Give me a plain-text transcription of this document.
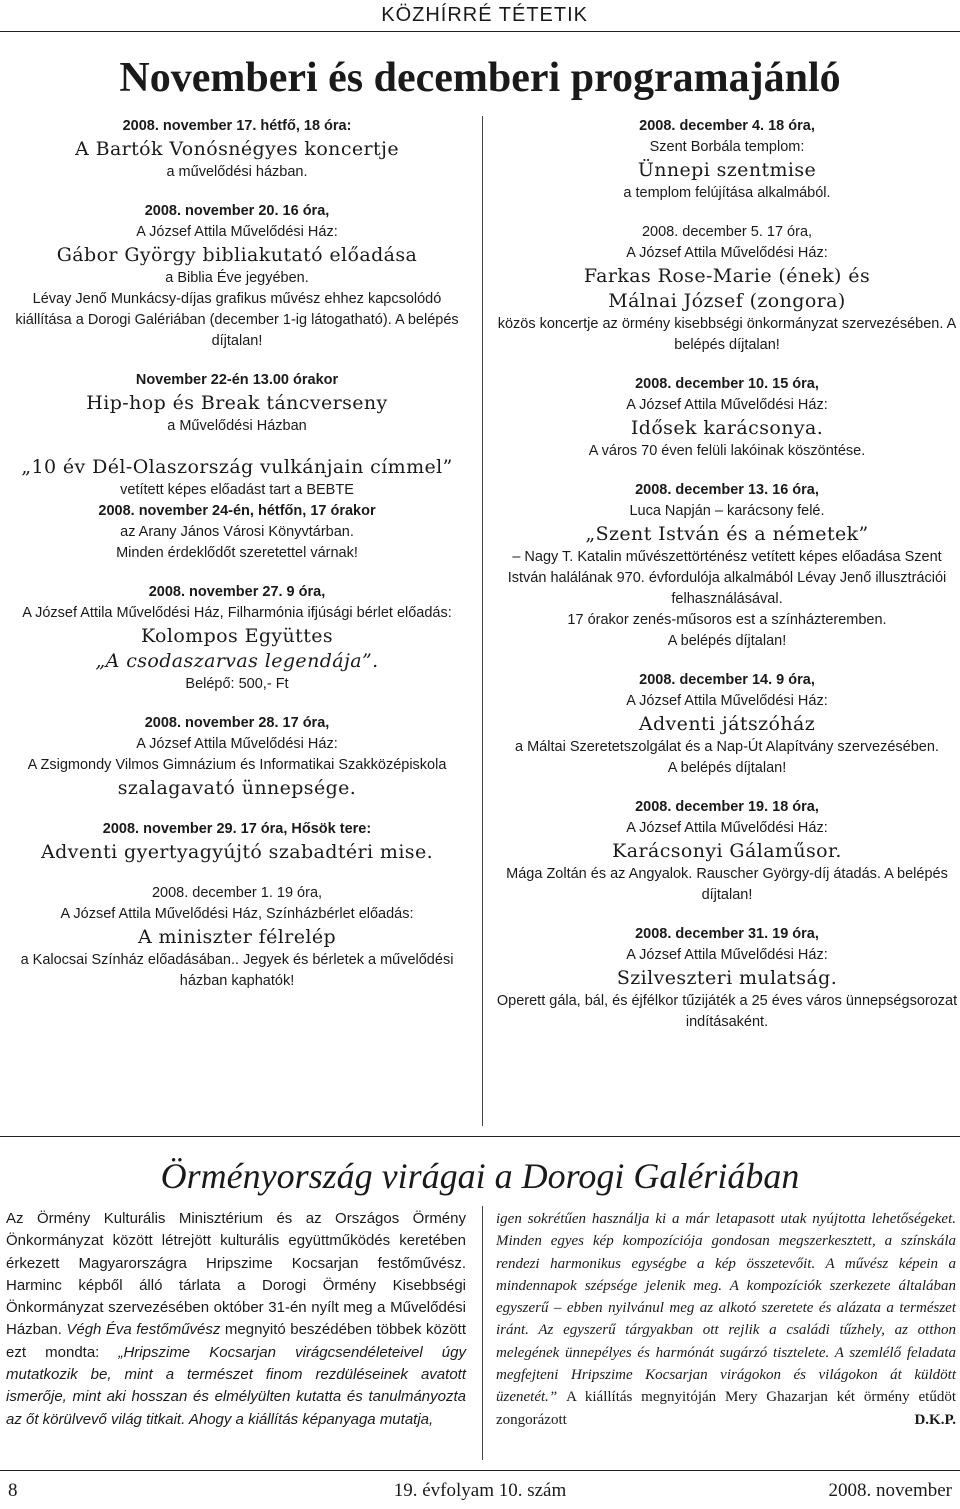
KÖZHÍRRÉ TÉTETIK
Novemberi és decemberi programajánló
2008. november 17. hétfő, 18 óra:
A Bartók Vonósnégyes koncertje
a művelődési házban.
2008. november 20. 16 óra,
A József Attila Művelődési Ház:
Gábor György bibliakutató előadása
a Biblia Éve jegyében.
Lévay Jenő Munkácsy-díjas grafikus művész ehhez kapcsolódó kiállítása a Dorogi Galériában (december 1-ig látogatható). A belépés díjtalan!
November 22-én 13.00 órakor
Hip-hop és Break táncverseny
a Művelődési Házban
„10 év Dél-Olaszország vulkánjain címmel”
vetített képes előadást tart a BEBTE
2008. november 24-én, hétfőn, 17 órakor
az Arany János Városi Könyvtárban.
Minden érdeklődőt szeretettel várnak!
2008. november 27. 9 óra,
A József Attila Művelődési Ház, Filharmónia ifjúsági bérlet előadás:
Kolompos Együttes
„A csodaszarvas legendája”.
Belépő: 500,- Ft
2008. november 28. 17 óra,
A József Attila Művelődési Ház:
A Zsigmondy Vilmos Gimnázium és Informatikai Szakközépiskola
szalagavató ünnepsége.
2008. november 29. 17 óra, Hősök tere:
Adventi gyertyagyújtó szabadtéri mise.
2008. december 1. 19 óra,
A József Attila Művelődési Ház, Színházbérlet előadás:
A miniszter félrelép
a Kalocsai Színház előadásában.. Jegyek és bérletek a művelődési házban kaphatók!
2008. december 4. 18 óra,
Szent Borbála templom:
Ünnepi szentmise
a templom felújítása alkalmából.
2008. december 5. 17 óra,
A József Attila Művelődési Ház:
Farkas Rose-Marie (ének) és
Málnai József (zongora)
közös koncertje az örmény kisebbségi önkormányzat szervezésében. A belépés díjtalan!
2008. december 10. 15 óra,
A József Attila Művelődési Ház:
Idősek karácsonya.
A város 70 éven felüli lakóinak köszöntése.
2008. december 13. 16 óra,
Luca Napján – karácsony felé.
„Szent István és a németek”
– Nagy T. Katalin művészettörténész vetített képes előadása Szent István halálának 970. évfordulója alkalmából Lévay Jenő illusztrációi felhasználásával.
17 órakor zenés-műsoros est a színházteremben.
A belépés díjtalan!
2008. december 14. 9 óra,
A József Attila Művelődési Ház:
Adventi játszóház
a Máltai Szeretetszolgálat és a Nap-Út Alapítvány szervezésében.
A belépés díjtalan!
2008. december 19. 18 óra,
A József Attila Művelődési Ház:
Karácsonyi Gálaműsor.
Mága Zoltán és az Angyalok. Rauscher György-díj átadás. A belépés díjtalan!
2008. december 31. 19 óra,
A József Attila Művelődési Ház:
Szilveszteri mulatság.
Operett gála, bál, és éjfélkor tűzijáték a 25 éves város ünnepségsorozat indításaként.
Örményország virágai a Dorogi Galériában
Az Örmény Kulturális Minisztérium és az Országos Örmény Önkormányzat között létrejött kulturális együttműködés keretében érkezett Magyarországra Hripszime Kocsarjan festőművész. Harminc képből álló tárlata a Dorogi Örmény Kisebbségi Önkormányzat szervezésében október 31-én nyílt meg a Művelődési Házban. Végh Éva festőművész megnyitó beszédében többek között ezt mondta: „Hripszime Kocsarjan virágcsendéleteivel úgy mutatkozik be, mint a természet finom rezdüléseinek avatott ismerője, mint aki hosszan és elmélyülten kutatta és tanulmányozta az őt körülvevő világ titkait. Ahogy a kiállítás képanyaga mutatja,
igen sokrétűen használja ki a már letapasott utak nyújtotta lehetőségeket. Minden egyes kép kompozíciója gondosan megszerkesztett, a színskála rendezi harmonikus egységbe a kép összetevőit. A művész képein a mindennapok szépsége jelenik meg. A kompozíciók szerkezete általában egyszerű – ebben nyilvánul meg az alkotó szeretete és alázata a természet iránt. Az egyszerű tárgyakban ott rejlik a családi tűzhely, az otthon melegének ünnepélyes és harmónát sugárzó tisztelete. A szemlélő feladata megfejteni Hripszime Kocsarjan virágokon és világokon át küldött üzenetét.” A kiállítás megnyitóján Mery Ghazarjan két örmény etűdöt zongorázott	D.K.P.
8	19. évfolyam 10. szám	2008. november
